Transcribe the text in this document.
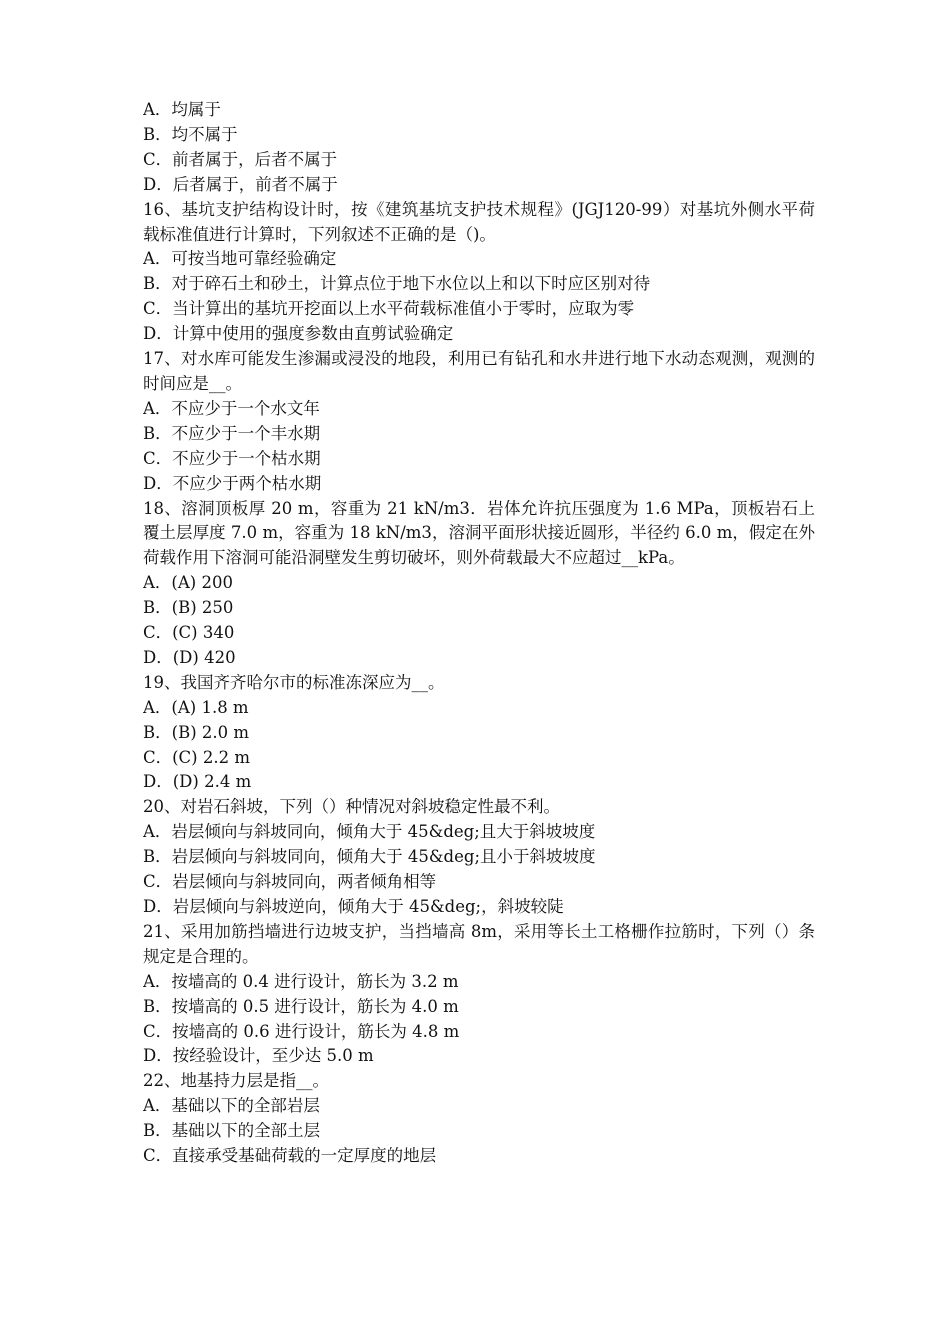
A．均属于
B．均不属于
C．前者属于，后者不属于
D．后者属于，前者不属于
16、基坑支护结构设计时，按《建筑基坑支护技术规程》(JGJ120-99）对基坑外侧水平荷载标准值进行计算时，下列叙述不正确的是（)。
A．可按当地可靠经验确定
B．对于碎石土和砂土，计算点位于地下水位以上和以下时应区别对待
C．当计算出的基坑开挖面以上水平荷载标准值小于零时，应取为零
D．计算中使用的强度参数由直剪试验确定
17、对水库可能发生渗漏或浸没的地段，利用已有钻孔和水井进行地下水动态观测，观测的时间应是__。
A．不应少于一个水文年
B．不应少于一个丰水期
C．不应少于一个枯水期
D．不应少于两个枯水期
18、溶洞顶板厚 20 m，容重为 21 kN/m3．岩体允许抗压强度为 1.6 MPa，顶板岩石上覆土层厚度 7.0 m，容重为 18 kN/m3，溶洞平面形状接近圆形，半径约 6.0 m，假定在外荷载作用下溶洞可能沿洞壁发生剪切破坏，则外荷载最大不应超过__kPa。
A．(A) 200
B．(B) 250
C．(C) 340
D．(D) 420
19、我国齐齐哈尔市的标准冻深应为__。
A．(A) 1.8 m
B．(B) 2.0 m
C．(C) 2.2 m
D．(D) 2.4 m
20、对岩石斜坡，下列（）种情况对斜坡稳定性最不利。
A．岩层倾向与斜坡同向，倾角大于 45&deg;且大于斜坡坡度
B．岩层倾向与斜坡同向，倾角大于 45&deg;且小于斜坡坡度
C．岩层倾向与斜坡同向，两者倾角相等
D．岩层倾向与斜坡逆向，倾角大于 45&deg;，斜坡较陡
21、采用加筋挡墙进行边坡支护，当挡墙高 8m，采用等长土工格栅作拉筋时，下列（）条规定是合理的。
A．按墙高的 0.4 进行设计，筋长为 3.2 m
B．按墙高的 0.5 进行设计，筋长为 4.0 m
C．按墙高的 0.6 进行设计，筋长为 4.8 m
D．按经验设计，至少达 5.0 m
22、地基持力层是指__。
A．基础以下的全部岩层
B．基础以下的全部土层
C．直接承受基础荷载的一定厚度的地层
